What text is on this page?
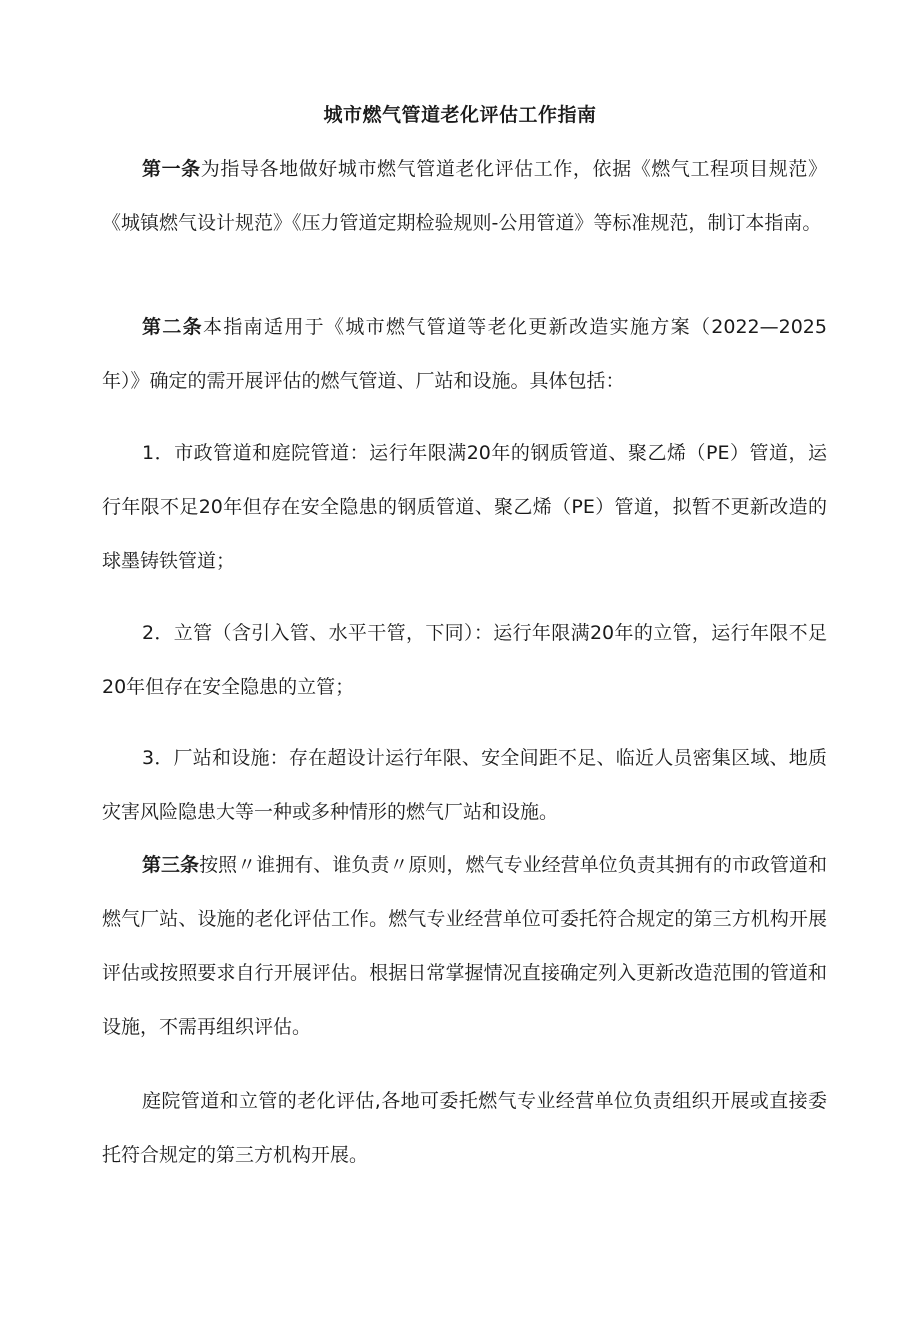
城市燃气管道老化评估工作指南

第一条为指导各地做好城市燃气管道老化评估工作，依据《燃气工程项目规范》《城镇燃气设计规范》《压力管道定期检验规则-公用管道》等标准规范，制订本指南。

第二条本指南适用于《城市燃气管道等老化更新改造实施方案（2022—2025年）》确定的需开展评估的燃气管道、厂站和设施。具体包括：

1．市政管道和庭院管道：运行年限满20年的钢质管道、聚乙烯（PE）管道，运行年限不足20年但存在安全隐患的钢质管道、聚乙烯（PE）管道，拟暂不更新改造的球墨铸铁管道；

2．立管（含引入管、水平干管，下同）：运行年限满20年的立管，运行年限不足20年但存在安全隐患的立管；

3．厂站和设施：存在超设计运行年限、安全间距不足、临近人员密集区域、地质灾害风险隐患大等一种或多种情形的燃气厂站和设施。

第三条按照〃谁拥有、谁负责〃原则，燃气专业经营单位负责其拥有的市政管道和燃气厂站、设施的老化评估工作。燃气专业经营单位可委托符合规定的第三方机构开展评估或按照要求自行开展评估。根据日常掌握情况直接确定列入更新改造范围的管道和设施，不需再组织评估。

庭院管道和立管的老化评估,各地可委托燃气专业经营单位负责组织开展或直接委托符合规定的第三方机构开展。
